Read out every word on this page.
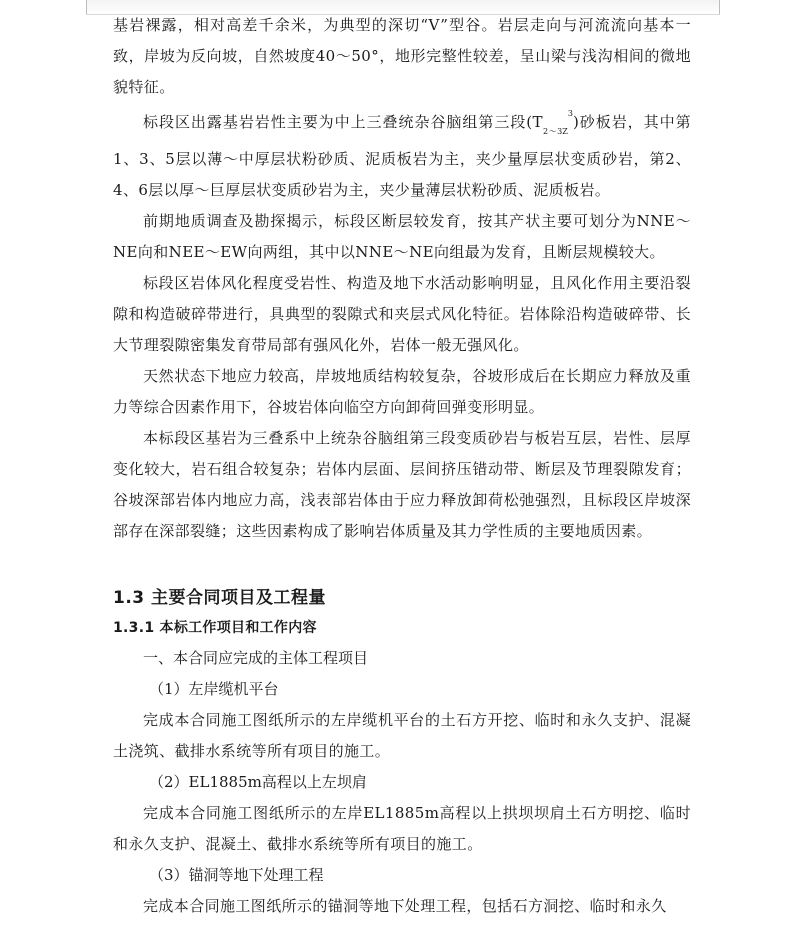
基岩裸露，相对高差千余米，为典型的深切“V”型谷。岩层走向与河流流向基本一致，岸坡为反向坡，自然坡度40～50°，地形完整性较差，呈山梁与浅沟相间的微地貌特征。

标段区出露基岩岩性主要为中上三叠统杂谷脑组第三段$(T_{2\sim 3Z}^3)$砂板岩，其中第1、3、5层以薄～中厚层状粉砂质、泥质板岩为主，夹少量厚层状变质砂岩，第2、4、6层以厚～巨厚层状变质砂岩为主，夹少量薄层状粉砂质、泥质板岩。

前期地质调查及勘探揭示，标段区断层较发育，按其产状主要可划分为NNE～NE向和NEE～EW向两组，其中以NNE～NE向组最为发育，且断层规模较大。

标段区岩体风化程度受岩性、构造及地下水活动影响明显，且风化作用主要沿裂隙和构造破碎带进行，具典型的裂隙式和夹层式风化特征。岩体除沿构造破碎带、长大节理裂隙密集发育带局部有强风化外，岩体一般无强风化。

天然状态下地应力较高，岸坡地质结构较复杂，谷坡形成后在长期应力释放及重力等综合因素作用下，谷坡岩体向临空方向卸荷回弹变形明显。

本标段区基岩为三叠系中上统杂谷脑组第三段变质砂岩与板岩互层，岩性、层厚变化较大，岩石组合较复杂；岩体内层面、层间挤压错动带、断层及节理裂隙发育；谷坡深部岩体内地应力高，浅表部岩体由于应力释放卸荷松弛强烈，且标段区岸坡深部存在深部裂缝；这些因素构成了影响岩体质量及其力学性质的主要地质因素。

1.3 主要合同项目及工程量
1.3.1 本标工作项目和工作内容

一、本合同应完成的主体工程项目

（1）左岸缆机平台

完成本合同施工图纸所示的左岸缆机平台的土石方开挖、临时和永久支护、混凝土浇筑、截排水系统等所有项目的施工。

（2）EL1885m高程以上左坝肩

完成本合同施工图纸所示的左岸EL1885m高程以上拱坝坝肩土石方明挖、临时和永久支护、混凝土、截排水系统等所有项目的施工。

（3）锚洞等地下处理工程

完成本合同施工图纸所示的锚洞等地下处理工程，包括石方洞挖、临时和永久
